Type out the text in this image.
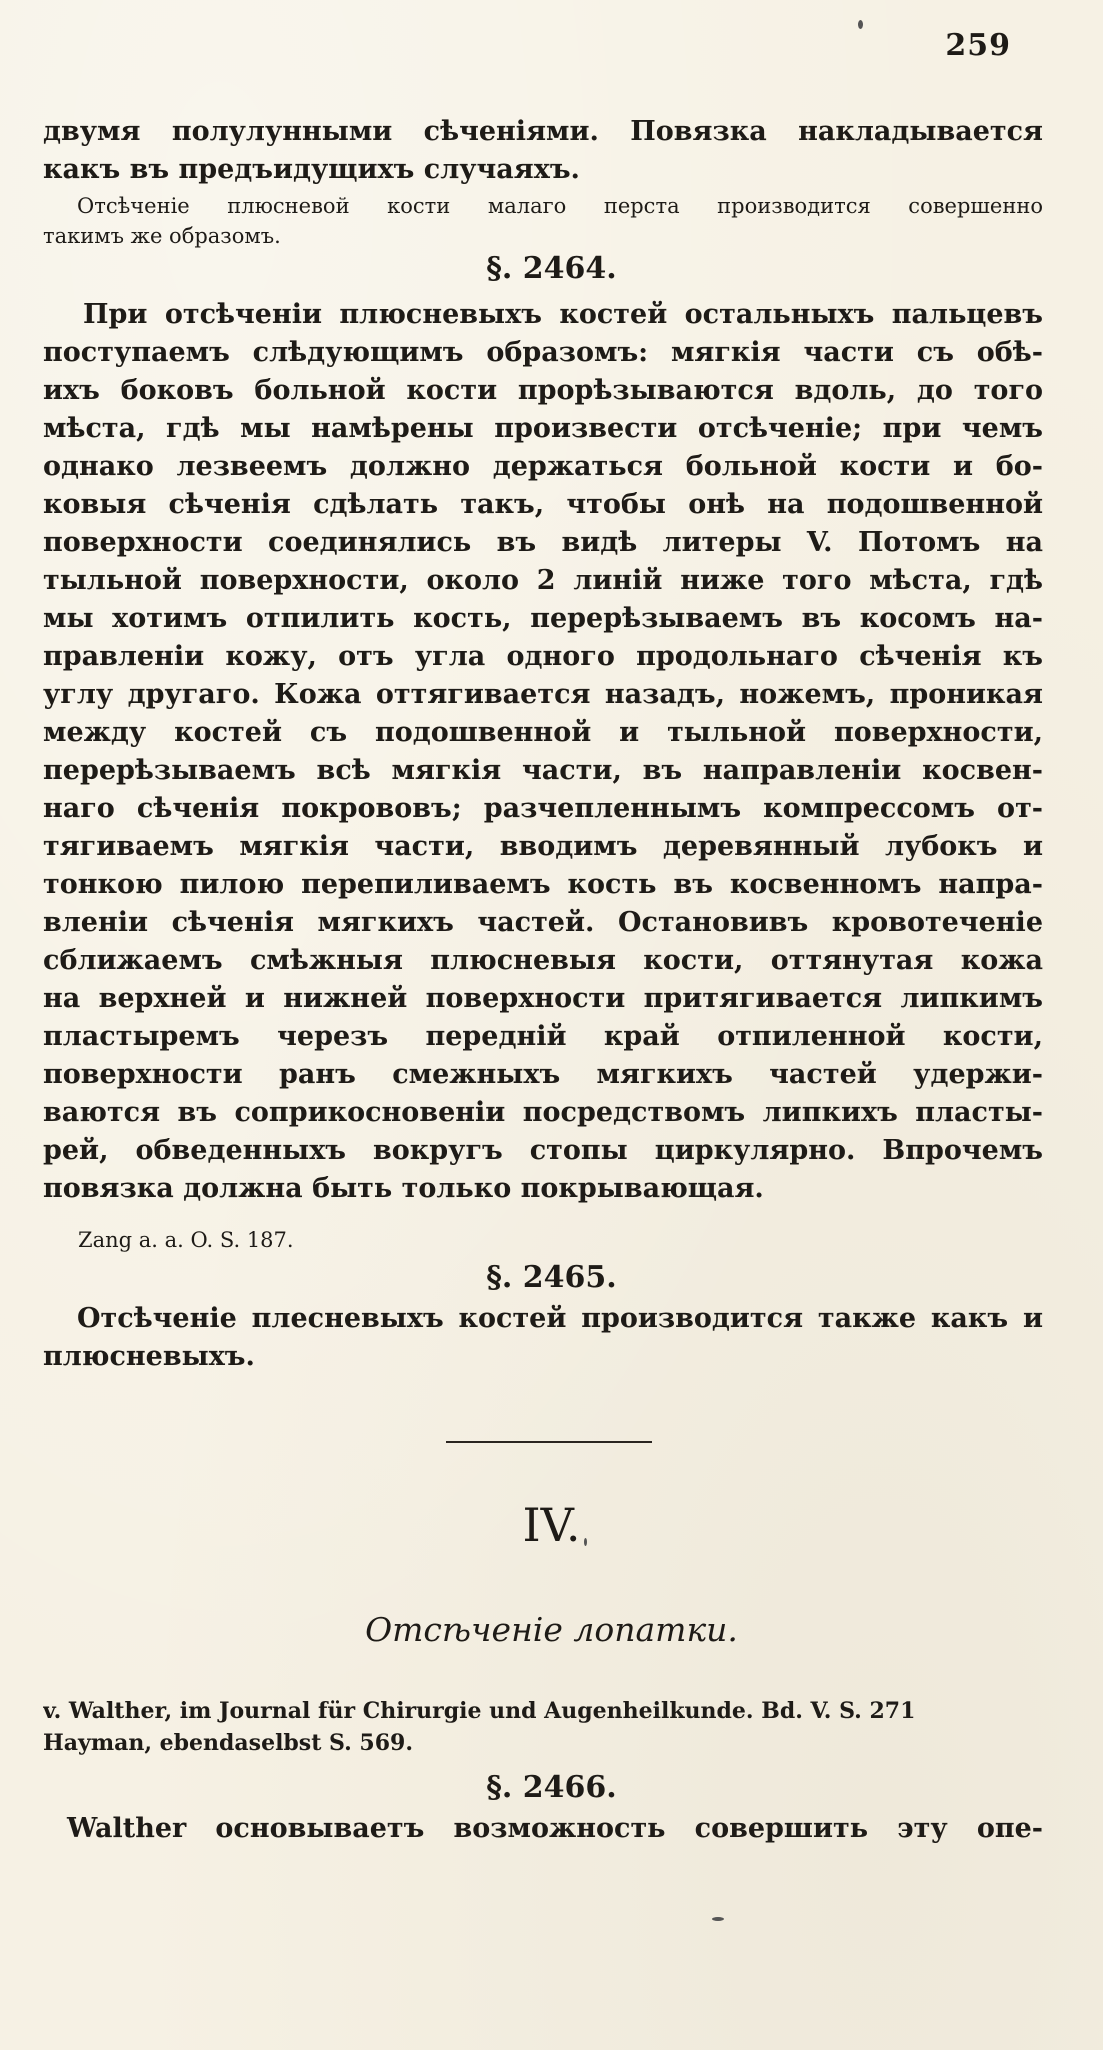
259
двумя полулунными сѣченіями. Повязка накладывается
какъ въ предъидущихъ случаяхъ.
Отсѣченіе плюсневой кости малаго перста производится совершенно
такимъ же образомъ.
§. 2464.
При отсѣченіи плюсневыхъ костей остальныхъ пальцевъ
поступаемъ слѣдующимъ образомъ: мягкія части съ обѣ-
ихъ боковъ больной кости прорѣзываются вдоль, до того
мѣста, гдѣ мы намѣрены произвести отсѣченіе; при чемъ
однако лезвеемъ должно держаться больной кости и бо-
ковыя сѣченія сдѣлать такъ, чтобы онѣ на подошвенной
поверхности соединялись въ видѣ литеры V. Потомъ на
тыльной поверхности, около 2 линій ниже того мѣста, гдѣ
мы хотимъ отпилить кость, перерѣзываемъ въ косомъ на-
правленіи кожу, отъ угла одного продольнаго сѣченія къ
углу другаго. Кожа оттягивается назадъ, ножемъ, проникая
между костей съ подошвенной и тыльной поверхности,
перерѣзываемъ всѣ мягкія части, въ направленіи косвен-
наго сѣченія покрововъ; разчепленнымъ компрессомъ от-
тягиваемъ мягкія части, вводимъ деревянный лубокъ и
тонкою пилою перепиливаемъ кость въ косвенномъ напра-
вленіи сѣченія мягкихъ частей. Остановивъ кровотеченіе
сближаемъ смѣжныя плюсневыя кости, оттянутая кожа
на верхней и нижней поверхности притягивается липкимъ
пластыремъ черезъ передній край отпиленной кости,
поверхности ранъ смежныхъ мягкихъ частей удержи-
ваются въ соприкосновеніи посредствомъ липкихъ пласты-
рей, обведенныхъ вокругъ стопы циркулярно. Впрочемъ
повязка должна быть только покрывающая.
Zang a. a. O. S. 187.
§. 2465.
Отсѣченіе плесневыхъ костей производится также какъ и
плюсневыхъ.
IV.
Отсѣченіе лопатки.
v. Walther, im Journal für Chirurgie und Augenheilkunde. Bd. V. S. 271
Hayman, ebendaselbst S. 569.
§. 2466.
Walther основываетъ возможность совершить эту опе-
